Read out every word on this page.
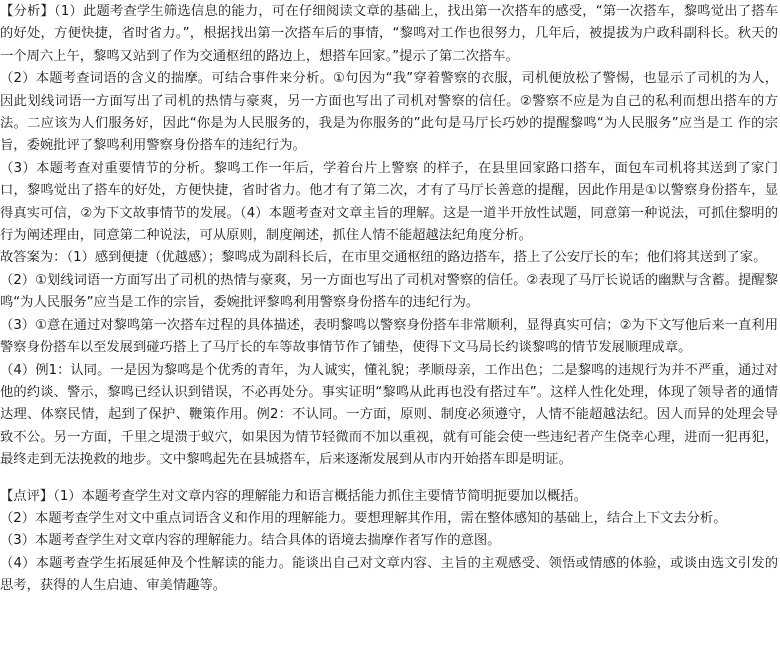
【分析】（1）此题考查学生筛选信息的能力，可在仔细阅读文章的基础上，找出第一次搭车的感受，“第一次搭车，黎鸣觉出了搭车的好处，方便快捷，省时省力。”，根据找出第一次搭车后的事情，“黎鸣对工作也很努力，几年后，被提拔为户政科副科长。秋天的一个周六上午，黎鸣又站到了作为交通枢纽的路边上，想搭车回家。”提示了第二次搭车。

（2）本题考查词语的含义的揣摩。可结合事件来分析。①句因为“我”穿着警察的衣服，司机便放松了警惕，也显示了司机的为人，因此划线词语一方面写出了司机的热情与豪爽，另一方面也写出了司机对警察的信任。②警察不应是为自己的私利而想出搭车的方法。二应该为人们服务好，因此“你是为人民服务的，我是为你服务的”此句是马厅长巧妙的提醒黎鸣“为人民服务”应当是工 作的宗旨，委婉批评了黎鸣利用警察身份搭车的违纪行为。

（3）本题考查对重要情节的分析。黎鸣工作一年后，学着台片上警察 的样子，在县里回家路口搭车，面包车司机将其送到了家门口，黎鸣觉出了搭车的好处，方便快捷，省时省力。他才有了第二次，才有了马厅长善意的提醒，因此作用是①以警察身份搭车，显得真实可信，②为下文故事情节的发展。（4）本题考查对文章主旨的理解。这是一道半开放性试题，同意第一种说法，可抓住黎明的行为阐述理由，同意第二种说法，可从原则，制度阐述，抓住人情不能超越法纪角度分析。

故答案为：（1）感到便捷（优越感）；黎鸣成为副科长后，在市里交通枢纽的路边搭车，搭上了公安厅长的车；他们将其送到了家。

（2）①划线词语一方面写出了司机的热情与豪爽，另一方面也写出了司机对警察的信任。②表现了马厅长说话的幽默与含蓄。提醒黎鸣“为人民服务”应当是工作的宗旨，委婉批评黎鸣利用警察身份搭车的违纪行为。

（3）①意在通过对黎鸣第一次搭车过程的具体描述，表明黎鸣以警察身份搭车非常顺利，显得真实可信；②为下文写他后来一直利用警察身份搭车以至发展到碰巧搭上了马厅长的车等故事情节作了铺垫，使得下文马局长约谈黎鸣的情节发展顺理成章。

（4）例1：认同。一是因为黎鸣是个优秀的青年，为人诚实，懂礼貌；孝顺母亲，工作出色；二是黎鸣的违规行为并不严重，通过对他的约谈、警示，黎鸣已经认识到错误，不必再处分。事实证明“黎鸣从此再也没有搭过车”。这样人性化处理，体现了领导者的通情达理、体察民情，起到了保护、鞭策作用。例2：不认同。一方面，原则、制度必须遵守，人情不能超越法纪。因人而异的处理会导致不公。另一方面，千里之堤溃于蚁穴，如果因为情节轻微而不加以重视，就有可能会使一些违纪者产生侥幸心理，进而一犯再犯，最终走到无法挽救的地步。文中黎鸣起先在县城搭车，后来逐渐发展到从市内开始搭车即是明证。

【点评】（1）本题考查学生对文章内容的理解能力和语言概括能力抓住主要情节简明扼要加以概括。

（2）本题考查学生对文中重点词语含义和作用的理解能力。要想理解其作用，需在整体感知的基础上，结合上下文去分析。

（3）本题考查学生对文章内容的理解能力。结合具体的语境去揣摩作者写作的意图。

（4）本题考查学生拓展延伸及个性解读的能力。能谈出自己对文章内容、主旨的主观感受、领悟或情感的体验，或谈由选文引发的思考，获得的人生启迪、审美情趣等。
